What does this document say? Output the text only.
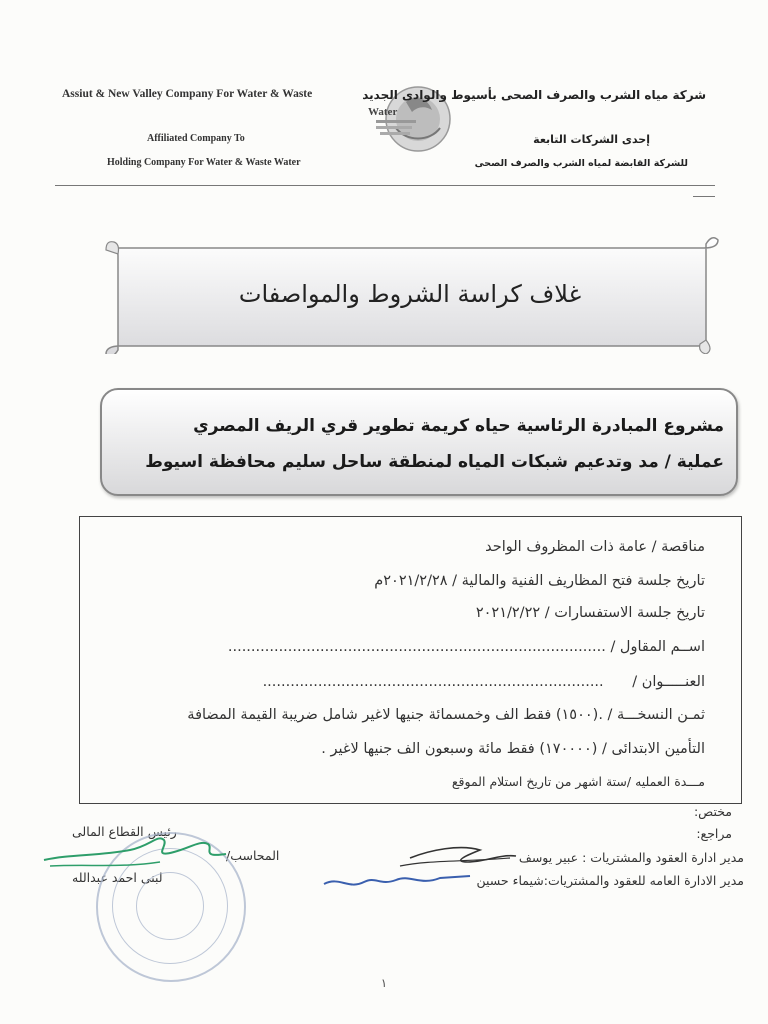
Assiut & New Valley Company For Water & Waste
Affiliated Company To
Holding Company For Water & Waste Water
Water
شركة مياه الشرب والصرف الصحى بأسيوط والوادى الجديد
إحدى الشركات التابعة
للشركة القابضة لمياه الشرب والصرف الصحى
غلاف كراسة الشروط والمواصفات
مشروع المبادرة الرئاسية حياه كريمة تطوير قري الريف المصري
عملية / مد وتدعيم شبكات المياه لمنطقة ساحل سليم محافظة اسيوط
مناقصة / عامة ذات المظروف الواحد
تاريخ جلسة فتح المظاريف الفنية والمالية / ٢٠٢١/٢/٢٨م
تاريخ جلسة الاستفسارات / ٢٠٢١/٢/٢٢
اســم المقاول / ..................................................................................
العنـــــوان / ..........................................................................
ثمـن النسخـــة / .(١٥٠٠) فقط الف وخمسمائة جنيها لاغير شامل ضريبة القيمة المضافة
التأمين الابتدائى / (١٧٠٠٠٠) فقط مائة وسبعون الف جنيها لاغير .
مـــدة العمليه /ستة اشهر من تاريخ استلام الموقع
مختص:
مراجع:
مدير ادارة العقود والمشتريات : عبير يوسف
مدير الادارة العامه للعقود والمشتريات:شيماء حسين
رئيس القطاع المالى
المحاسب/
لبنى احمد عبدالله
١
